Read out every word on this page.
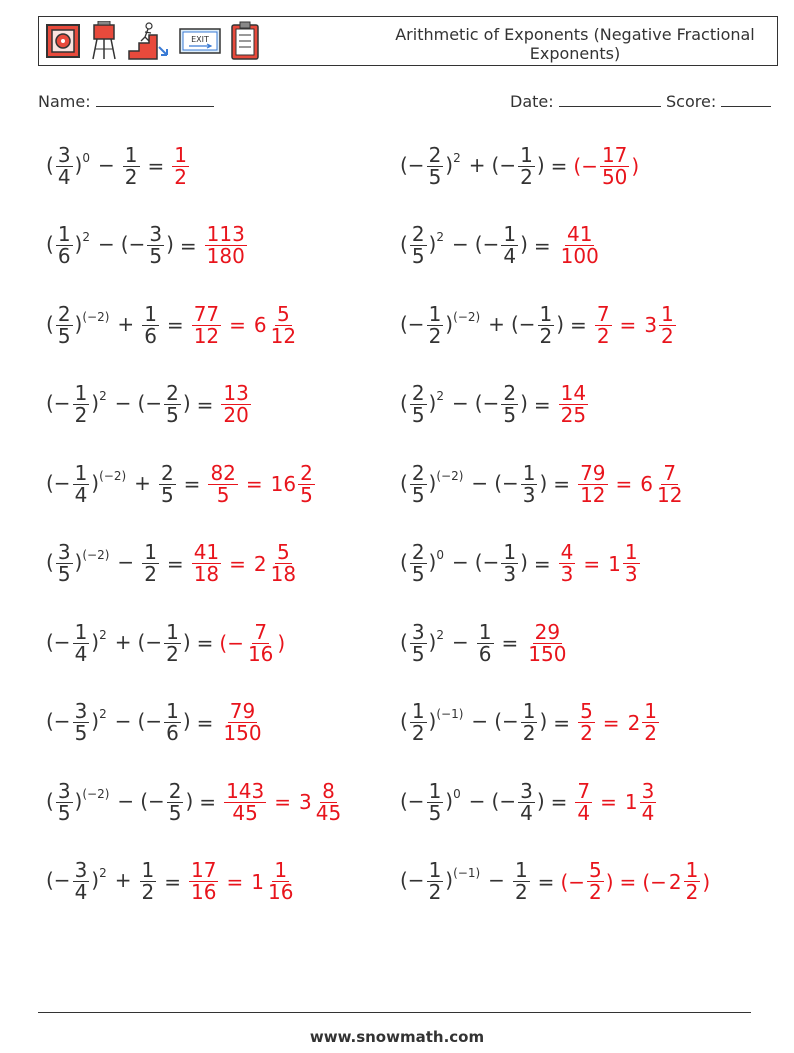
EXIT	Arithmetic of Exponents (Negative Fractional Exponents)
Name:	Date:	Score:
( $\frac{3}{4} )^0 - \frac{1}{2} = \frac{1}{2}$	(− $\frac{2}{5} )^2$ + (− $\frac{1}{2}$ ) = (− $\frac{17}{50}$ )
( $\frac{1}{6} )^2$ − (− $\frac{3}{5}$ ) = $\frac{113}{180}$	( $\frac{2}{5} )^2$ − (− $\frac{1}{4}$ ) = $\frac{41}{100}$
( $\frac{2}{5} )^{(-2)} + \frac{1}{6} = \frac{77}{12} = 6 \frac{5}{12}$	(− $\frac{1}{2} )^{(-2)}$ + (− $\frac{1}{2}$ ) = $\frac{7}{2} = 3 \frac{1}{2}$
(− $\frac{1}{2} )^2$ − (− $\frac{2}{5}$ ) = $\frac{13}{20}$	( $\frac{2}{5} )^2$ − (− $\frac{2}{5}$ ) = $\frac{14}{25}$
(− $\frac{1}{4} )^{(-2)} + \frac{2}{5} = \frac{82}{5} = 16 \frac{2}{5}$	( $\frac{2}{5} )^{(-2)}$ − (− $\frac{1}{3}$ ) = $\frac{79}{12} = 6 \frac{7}{12}$
( $\frac{3}{5} )^{(-2)} - \frac{1}{2} = \frac{41}{18} = 2 \frac{5}{18}$	( $\frac{2}{5} )^0$ − (− $\frac{1}{3}$ ) = $\frac{4}{3} = 1 \frac{1}{3}$
(− $\frac{1}{4} )^2$ + (− $\frac{1}{2}$ ) = (− $\frac{7}{16}$ )	( $\frac{3}{5} )^2 - \frac{1}{6} = \frac{29}{150}$
(− $\frac{3}{5} )^2$ − (− $\frac{1}{6}$ ) = $\frac{79}{150}$	( $\frac{1}{2} )^{(-1)}$ − (− $\frac{1}{2}$ ) = $\frac{5}{2} = 2 \frac{1}{2}$
( $\frac{3}{5} )^{(-2)}$ − (− $\frac{2}{5}$ ) = $\frac{143}{45} = 3 \frac{8}{45}$	(− $\frac{1}{5} )^0$ − (− $\frac{3}{4}$ ) = $\frac{7}{4} = 1 \frac{3}{4}$
(− $\frac{3}{4} )^2 + \frac{1}{2} = \frac{17}{16} = 1 \frac{1}{16}$	(− $\frac{1}{2} )^{(-1)} - \frac{1}{2}$ = (− $\frac{5}{2}$ ) = (− $2 \frac{1}{2}$ )
www.snowmath.com
